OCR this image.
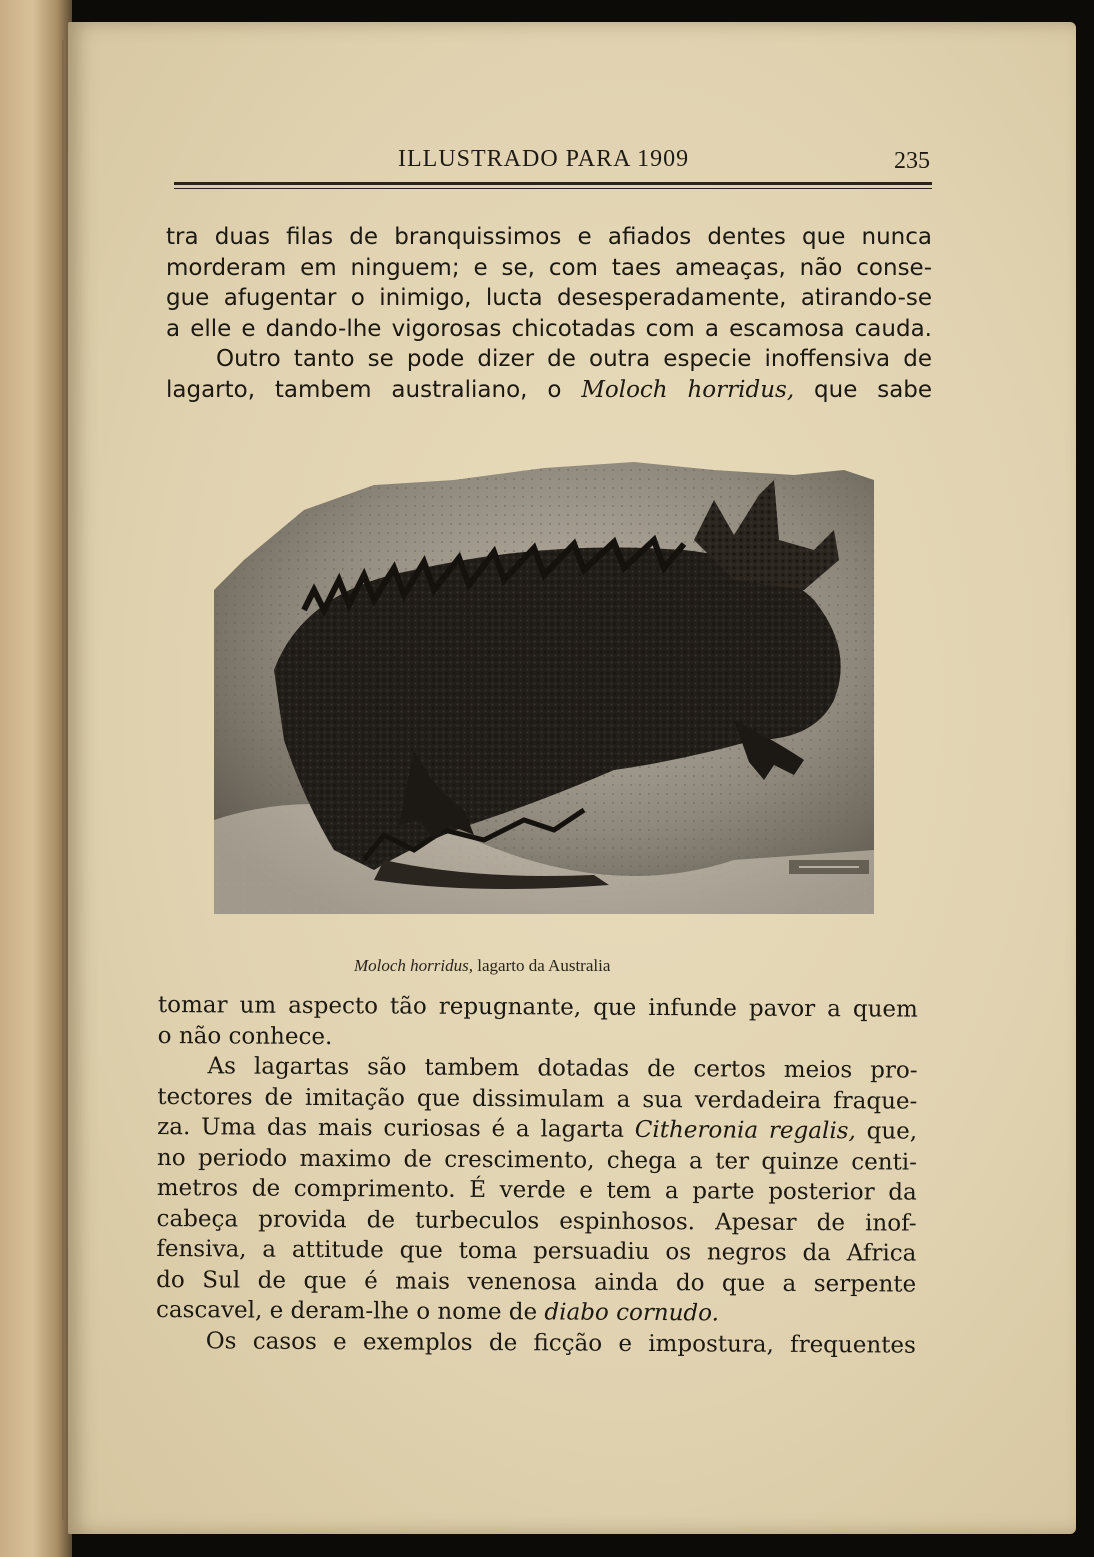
ILLUSTRADO PARA 1909	235
tra duas filas de branquissimos e afiados dentes que nunca
morderam em ninguem; e se, com taes ameaças, não conse-
gue afugentar o inimigo, lucta desesperadamente, atirando-se
a elle e dando-lhe vigorosas chicotadas com a escamosa cauda.
Outro tanto se pode dizer de outra especie inoffensiva de
lagarto, tambem australiano, o Moloch horridus, que sabe
Moloch horridus, lagarto da Australia
tomar um aspecto tão repugnante, que infunde pavor a quem
o não conhece.
As lagartas são tambem dotadas de certos meios pro-
tectores de imitação que dissimulam a sua verdadeira fraque-
za. Uma das mais curiosas é a lagarta Citheronia regalis, que,
no periodo maximo de crescimento, chega a ter quinze centi-
metros de comprimento. É verde e tem a parte posterior da
cabeça provida de turbeculos espinhosos. Apesar de inof-
fensiva, a attitude que toma persuadiu os negros da Africa
do Sul de que é mais venenosa ainda do que a serpente
cascavel, e deram-lhe o nome de diabo cornudo.
Os casos e exemplos de ficção e impostura, frequentes
